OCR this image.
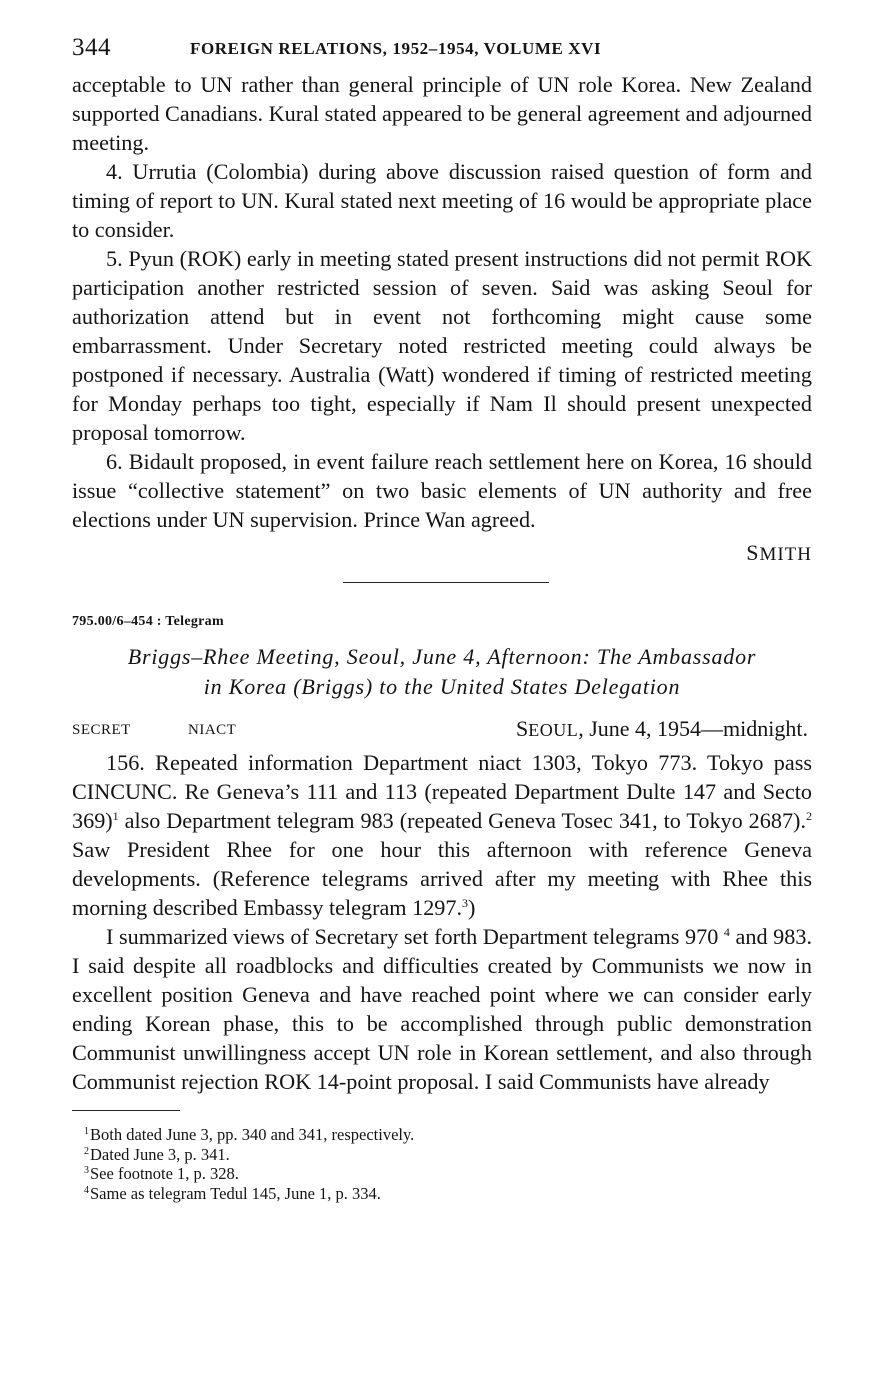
344	FOREIGN RELATIONS, 1952–1954, VOLUME XVI

acceptable to UN rather than general principle of UN role Korea. New Zealand supported Canadians. Kural stated appeared to be general agreement and adjourned meeting.

4. Urrutia (Colombia) during above discussion raised question of form and timing of report to UN. Kural stated next meeting of 16 would be appropriate place to consider.

5. Pyun (ROK) early in meeting stated present instructions did not permit ROK participation another restricted session of seven. Said was asking Seoul for authorization attend but in event not forthcoming might cause some embarrassment. Under Secretary noted restricted meeting could always be postponed if necessary. Australia (Watt) wondered if timing of restricted meeting for Monday perhaps too tight, especially if Nam Il should present unexpected proposal tomorrow.

6. Bidault proposed, in event failure reach settlement here on Korea, 16 should issue “collective statement” on two basic elements of UN authority and free elections under UN supervision. Prince Wan agreed.

SMITH
795.00/6–454 : Telegram
Briggs–Rhee Meeting, Seoul, June 4, Afternoon: The Ambassador
in Korea (Briggs) to the United States Delegation
SECRET	NIACT	SEOUL, June 4, 1954—midnight.

156. Repeated information Department niact 1303, Tokyo 773. Tokyo pass CINCUNC. Re Geneva’s 111 and 113 (repeated Department Dulte 147 and Secto 369)$^1$ also Department telegram 983 (repeated Geneva Tosec 341, to Tokyo 2687).$^2$ Saw President Rhee for one hour this afternoon with reference Geneva developments. (Reference telegrams arrived after my meeting with Rhee this morning described Embassy telegram 1297.$^3$)

I summarized views of Secretary set forth Department telegrams 970 $^4$ and 983. I said despite all roadblocks and difficulties created by Communists we now in excellent position Geneva and have reached point where we can consider early ending Korean phase, this to be accomplished through public demonstration Communist unwillingness accept UN role in Korean settlement, and also through Communist rejection ROK 14-point proposal. I said Communists have already

1 Both dated June 3, pp. 340 and 341, respectively.
2 Dated June 3, p. 341.
3 See footnote 1, p. 328.
4 Same as telegram Tedul 145, June 1, p. 334.
